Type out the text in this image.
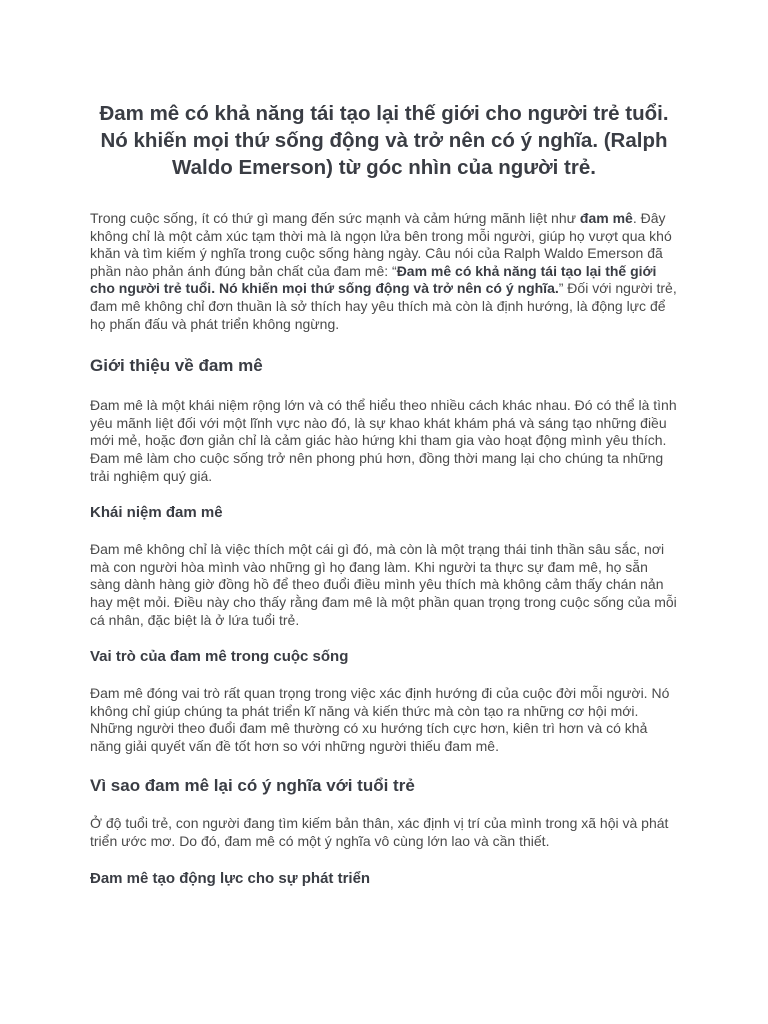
Đam mê có khả năng tái tạo lại thế giới cho người trẻ tuổi. Nó khiến mọi thứ sống động và trở nên có ý nghĩa. (Ralph Waldo Emerson) từ góc nhìn của người trẻ.

Trong cuộc sống, ít có thứ gì mang đến sức mạnh và cảm hứng mãnh liệt như đam mê. Đây không chỉ là một cảm xúc tạm thời mà là ngọn lửa bên trong mỗi người, giúp họ vượt qua khó khăn và tìm kiếm ý nghĩa trong cuộc sống hàng ngày. Câu nói của Ralph Waldo Emerson đã phần nào phản ánh đúng bản chất của đam mê: “Đam mê có khả năng tái tạo lại thế giới cho người trẻ tuổi. Nó khiến mọi thứ sống động và trở nên có ý nghĩa.” Đối với người trẻ, đam mê không chỉ đơn thuần là sở thích hay yêu thích mà còn là định hướng, là động lực để họ phấn đấu và phát triển không ngừng.

Giới thiệu về đam mê

Đam mê là một khái niệm rộng lớn và có thể hiểu theo nhiều cách khác nhau. Đó có thể là tình yêu mãnh liệt đối với một lĩnh vực nào đó, là sự khao khát khám phá và sáng tạo những điều mới mẻ, hoặc đơn giản chỉ là cảm giác hào hứng khi tham gia vào hoạt động mình yêu thích. Đam mê làm cho cuộc sống trở nên phong phú hơn, đồng thời mang lại cho chúng ta những trải nghiệm quý giá.

Khái niệm đam mê

Đam mê không chỉ là việc thích một cái gì đó, mà còn là một trạng thái tinh thần sâu sắc, nơi mà con người hòa mình vào những gì họ đang làm. Khi người ta thực sự đam mê, họ sẵn sàng dành hàng giờ đồng hồ để theo đuổi điều mình yêu thích mà không cảm thấy chán nản hay mệt mỏi. Điều này cho thấy rằng đam mê là một phần quan trọng trong cuộc sống của mỗi cá nhân, đặc biệt là ở lứa tuổi trẻ.

Vai trò của đam mê trong cuộc sống

Đam mê đóng vai trò rất quan trọng trong việc xác định hướng đi của cuộc đời mỗi người. Nó không chỉ giúp chúng ta phát triển kĩ năng và kiến thức mà còn tạo ra những cơ hội mới. Những người theo đuổi đam mê thường có xu hướng tích cực hơn, kiên trì hơn và có khả năng giải quyết vấn đề tốt hơn so với những người thiếu đam mê.

Vì sao đam mê lại có ý nghĩa với tuổi trẻ

Ở độ tuổi trẻ, con người đang tìm kiếm bản thân, xác định vị trí của mình trong xã hội và phát triển ước mơ. Do đó, đam mê có một ý nghĩa vô cùng lớn lao và cần thiết.

Đam mê tạo động lực cho sự phát triển
